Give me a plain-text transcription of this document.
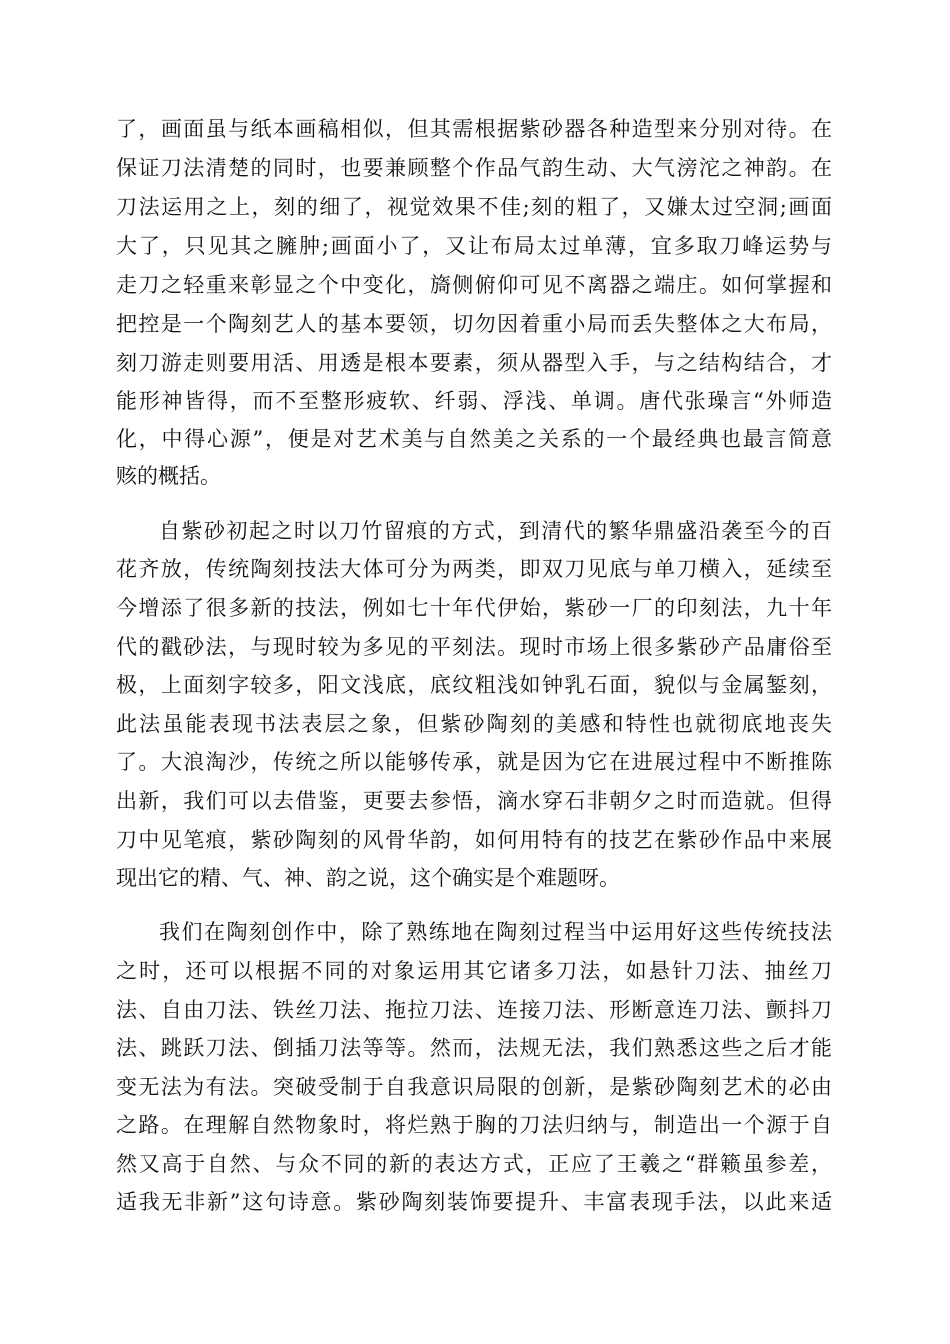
了，画面虽与纸本画稿相似，但其需根据紫砂器各种造型来分别对待。在
保证刀法清楚的同时，也要兼顾整个作品气韵生动、大气滂沱之神韵。在
刀法运用之上，刻的细了，视觉效果不佳;刻的粗了，又嫌太过空洞;画面
大了，只见其之臃肿;画面小了，又让布局太过单薄，宜多取刀峰运势与
走刀之轻重来彰显之个中变化，旖侧俯仰可见不离器之端庄。如何掌握和
把控是一个陶刻艺人的基本要领，切勿因着重小局而丢失整体之大布局，
刻刀游走则要用活、用透是根本要素，须从器型入手，与之结构结合，才
能形神皆得，而不至整形疲软、纤弱、浮浅、单调。唐代张璪言“外师造
化，中得心源”，便是对艺术美与自然美之关系的一个最经典也最言简意
赅的概括。
自紫砂初起之时以刀竹留痕的方式，到清代的繁华鼎盛沿袭至今的百
花齐放，传统陶刻技法大体可分为两类，即双刀见底与单刀横入，延续至
今增添了很多新的技法，例如七十年代伊始，紫砂一厂的印刻法，九十年
代的戳砂法，与现时较为多见的平刻法。现时市场上很多紫砂产品庸俗至
极，上面刻字较多，阳文浅底，底纹粗浅如钟乳石面，貌似与金属錾刻，
此法虽能表现书法表层之象，但紫砂陶刻的美感和特性也就彻底地丧失
了。大浪淘沙，传统之所以能够传承，就是因为它在进展过程中不断推陈
出新，我们可以去借鉴，更要去参悟，滴水穿石非朝夕之时而造就。但得
刀中见笔痕，紫砂陶刻的风骨华韵，如何用特有的技艺在紫砂作品中来展
现出它的精、气、神、韵之说，这个确实是个难题呀。
我们在陶刻创作中，除了熟练地在陶刻过程当中运用好这些传统技法
之时，还可以根据不同的对象运用其它诸多刀法，如悬针刀法、抽丝刀
法、自由刀法、铁丝刀法、拖拉刀法、连接刀法、形断意连刀法、颤抖刀
法、跳跃刀法、倒插刀法等等。然而，法规无法，我们熟悉这些之后才能
变无法为有法。突破受制于自我意识局限的创新，是紫砂陶刻艺术的必由
之路。在理解自然物象时，将烂熟于胸的刀法归纳与，制造出一个源于自
然又高于自然、与众不同的新的表达方式，正应了王羲之“群籁虽参差，
适我无非新”这句诗意。紫砂陶刻装饰要提升、丰富表现手法，以此来适
